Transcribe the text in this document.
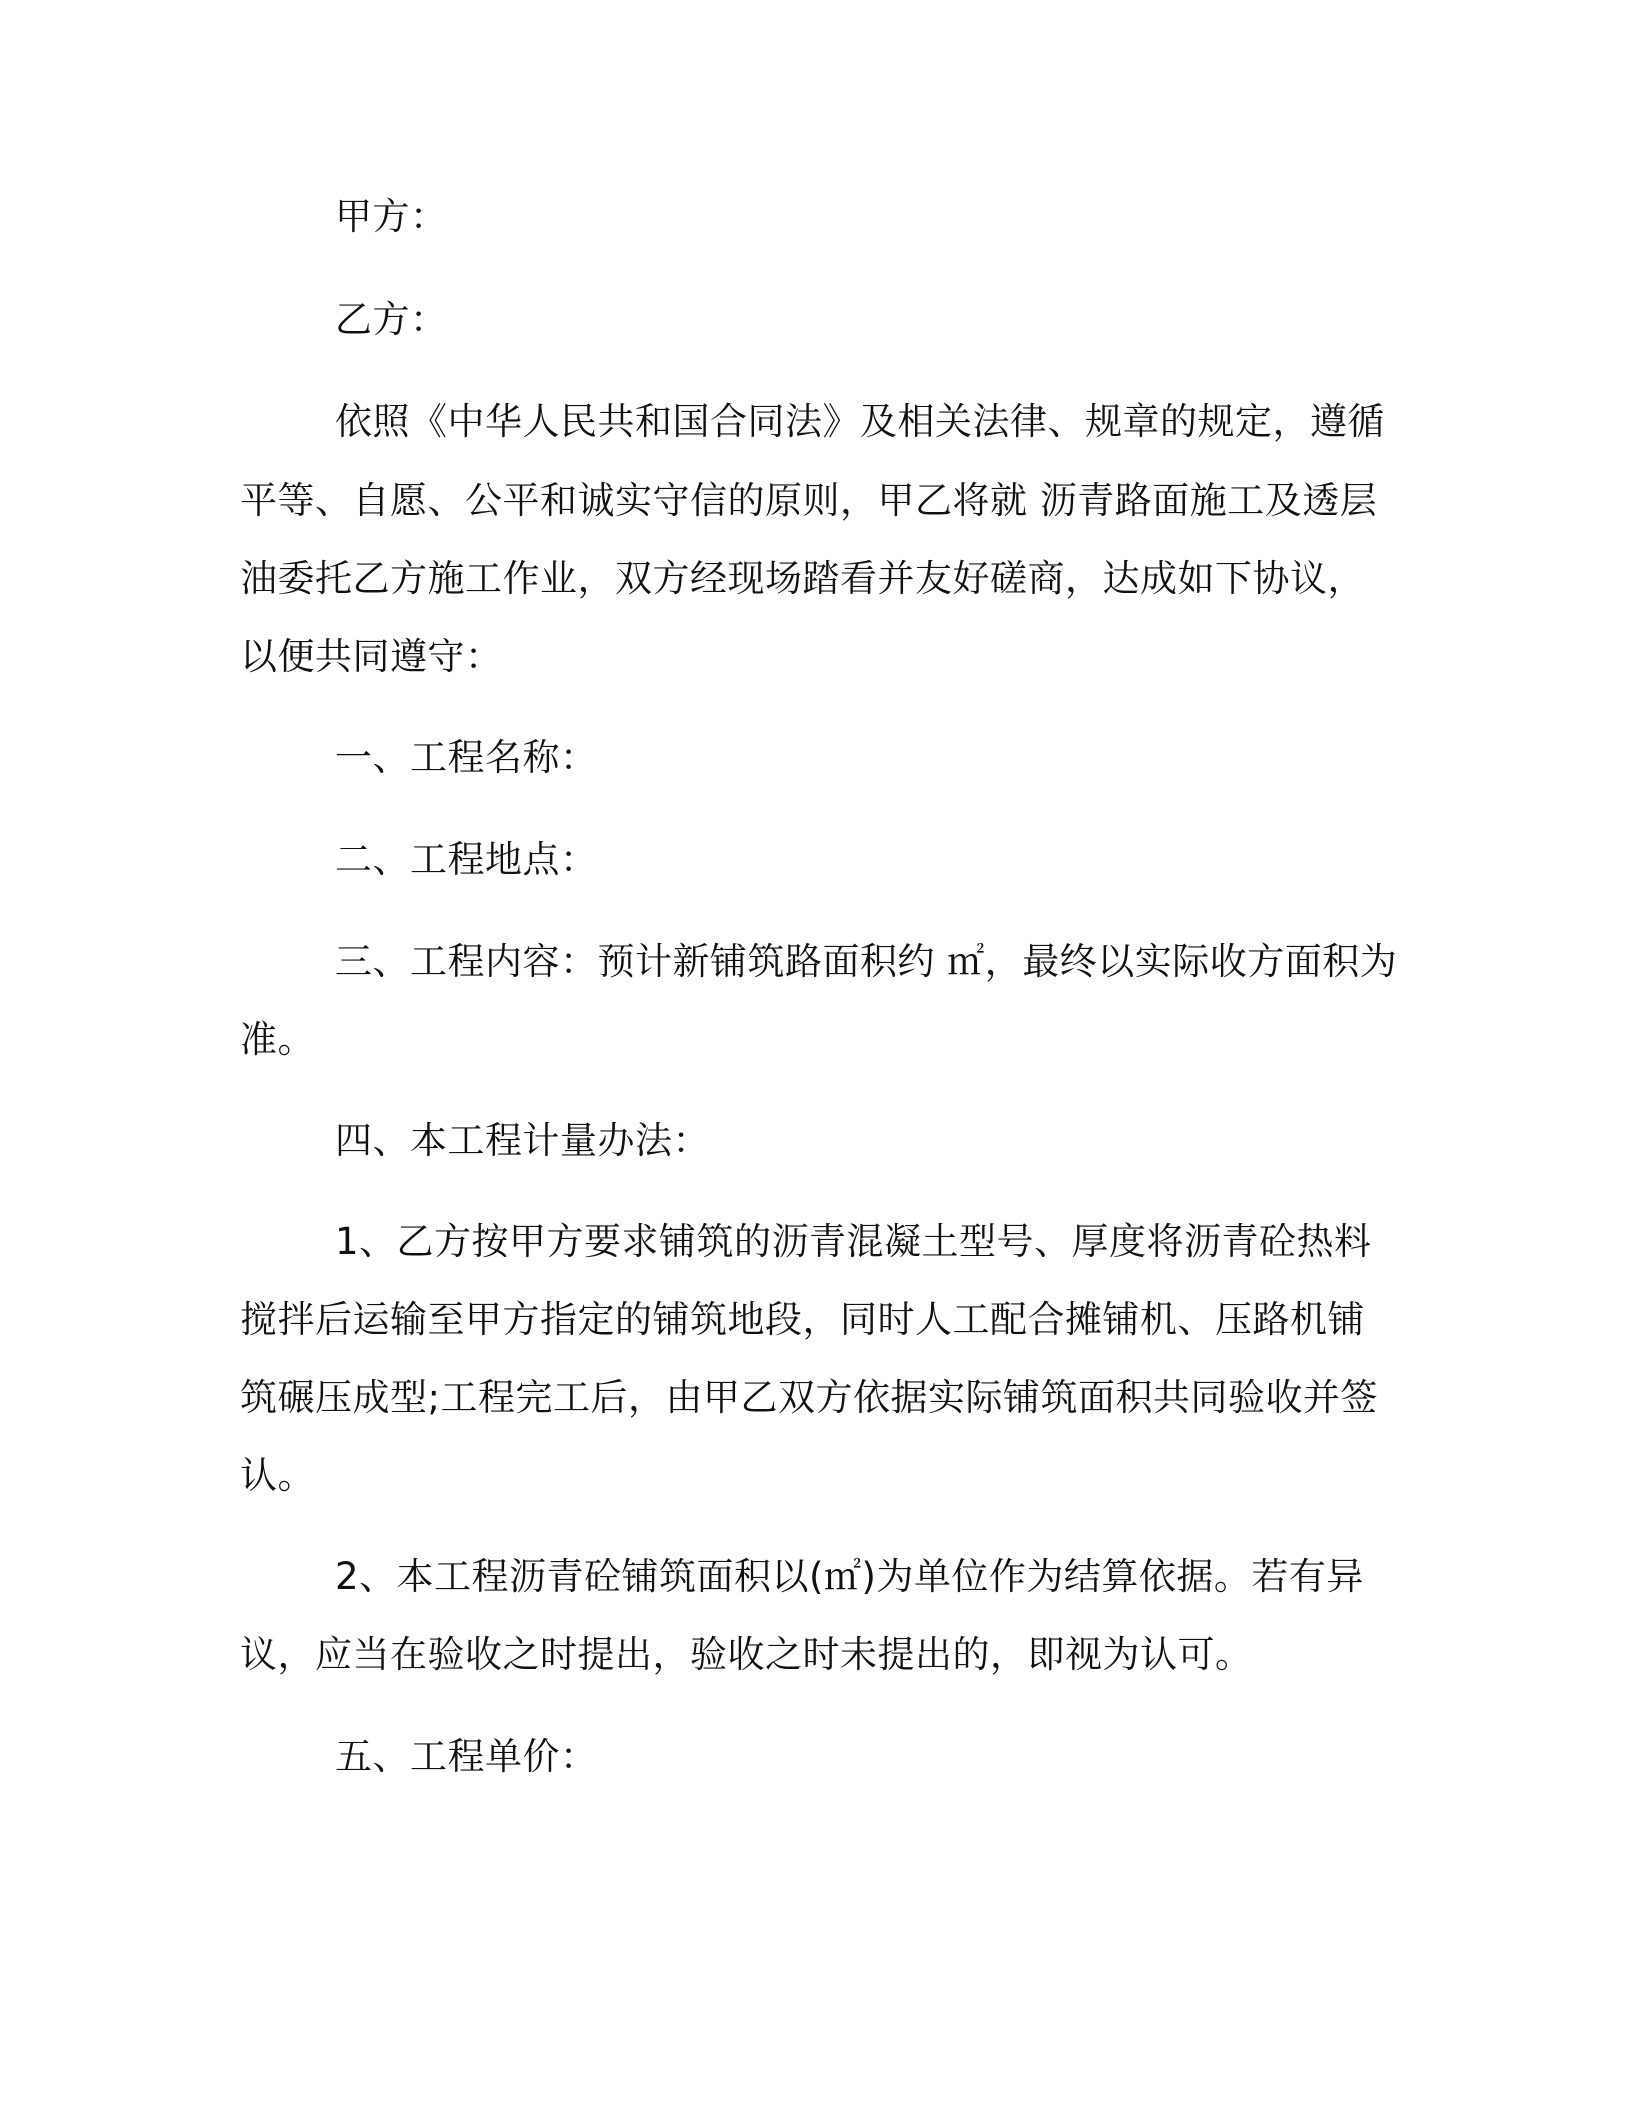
甲方：
乙方：
依照《中华人民共和国合同法》及相关法律、规章的规定，遵循
平等、自愿、公平和诚实守信的原则，甲乙将就 沥青路面施工及透层
油委托乙方施工作业，双方经现场踏看并友好磋商，达成如下协议，
以便共同遵守：
一、工程名称：
二、工程地点：
三、工程内容：预计新铺筑路面积约 ㎡，最终以实际收方面积为
准。
四、本工程计量办法：
1、乙方按甲方要求铺筑的沥青混凝土型号、厚度将沥青砼热料
搅拌后运输至甲方指定的铺筑地段，同时人工配合摊铺机、压路机铺
筑碾压成型;工程完工后，由甲乙双方依据实际铺筑面积共同验收并签
认。
2、本工程沥青砼铺筑面积以(㎡)为单位作为结算依据。若有异
议，应当在验收之时提出，验收之时未提出的，即视为认可。
五、工程单价：
